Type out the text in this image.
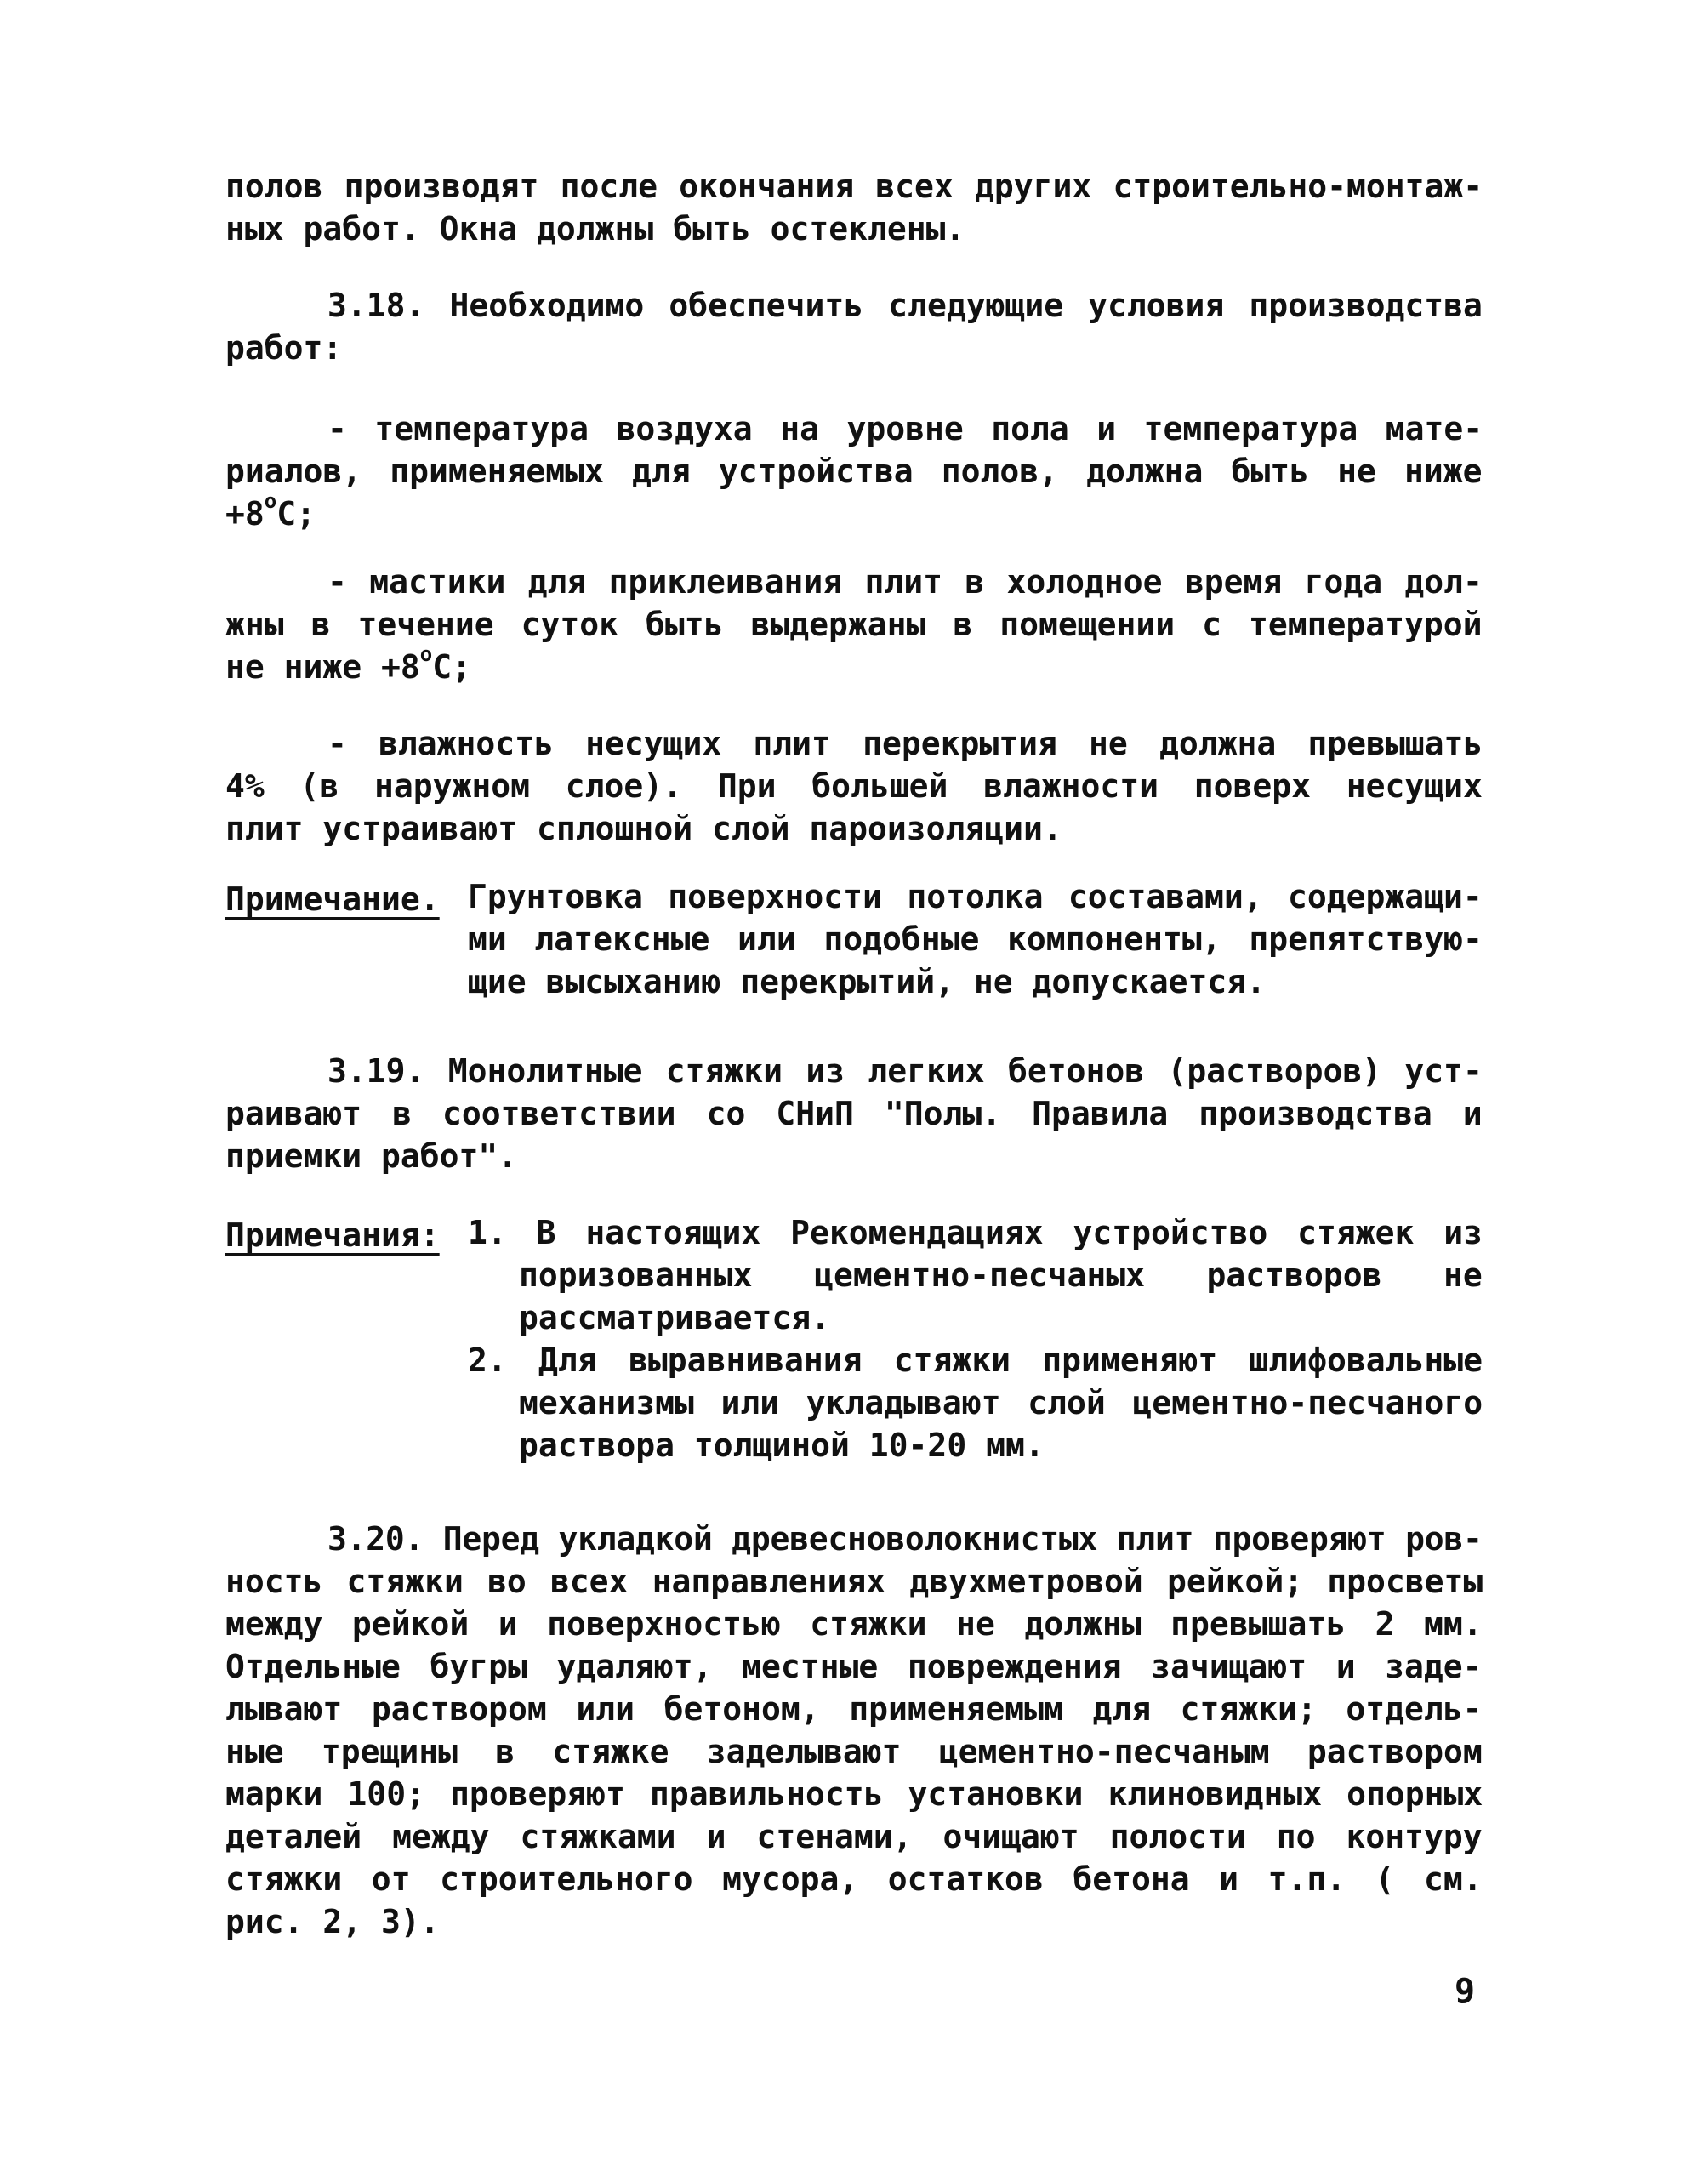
полов производят после окончания всех других строительно-монтаж-
ных работ. Окна должны быть остеклены.
3.18. Необходимо обеспечить следующие условия производства
работ:
- температура воздуха на уровне пола и температура мате-
риалов, применяемых для устройства полов, должна быть не ниже
$+8^оС$;
- мастики для приклеивания плит в холодное время года дол-
жны в течение суток быть выдержаны в помещении с температурой
не ниже $+8^оС$;
- влажность несущих плит перекрытия не должна превышать
4% (в наружном слое). При большей влажности поверх несущих
плит устраивают сплошной слой пароизоляции.
Примечание. Грунтовка поверхности потолка составами, содержащи-
ми латексные или подобные компоненты, препятствую-
щие высыханию перекрытий, не допускается.
3.19. Монолитные стяжки из легких бетонов (растворов) уст-
раивают в соответствии со СНиП "Полы. Правила производства и
приемки работ".
Примечания: 1. В настоящих Рекомендациях устройство стяжек из
поризованных цементно-песчаных растворов не
рассматривается.
2. Для выравнивания стяжки применяют шлифовальные
механизмы или укладывают слой цементно-песчаного
раствора толщиной 10-20 мм.
3.20. Перед укладкой древесноволокнистых плит проверяют ров-
ность стяжки во всех направлениях двухметровой рейкой; просветы
между рейкой и поверхностью стяжки не должны превышать 2 мм.
Отдельные бугры удаляют, местные повреждения зачищают и заде-
лывают раствором или бетоном, применяемым для стяжки; отдель-
ные трещины в стяжке заделывают цементно-песчаным раствором
марки 100; проверяют правильность установки клиновидных опорных
деталей между стяжками и стенами, очищают полости по контуру
стяжки от строительного мусора, остатков бетона и т.п. ( см.
рис. 2, 3).
9
